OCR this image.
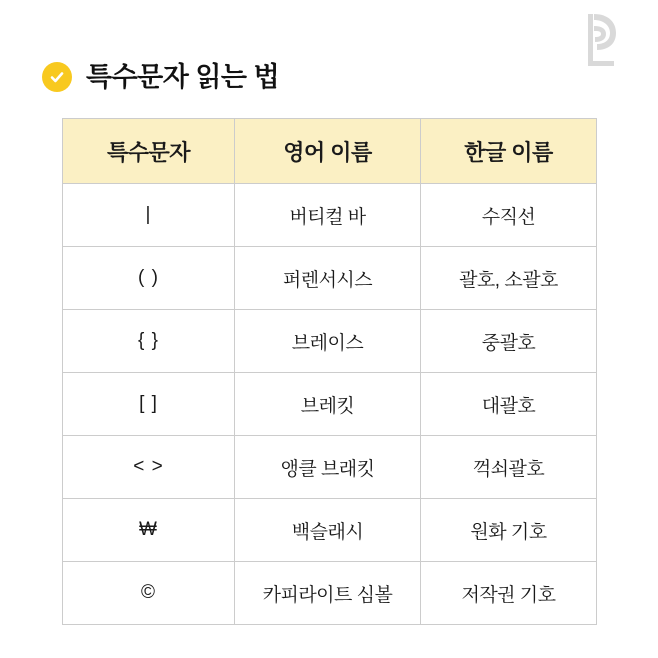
특수문자 읽는 법
특수문자	영어 이름	한글 이름
|	버티컬 바	수직선
( )	퍼렌서시스	괄호, 소괄호
{ }	브레이스	중괄호
[ ]	브레킷	대괄호
< >	앵클 브래킷	꺽쇠괄호
₩	백슬래시	원화 기호
©	카피라이트 심볼	저작권 기호
